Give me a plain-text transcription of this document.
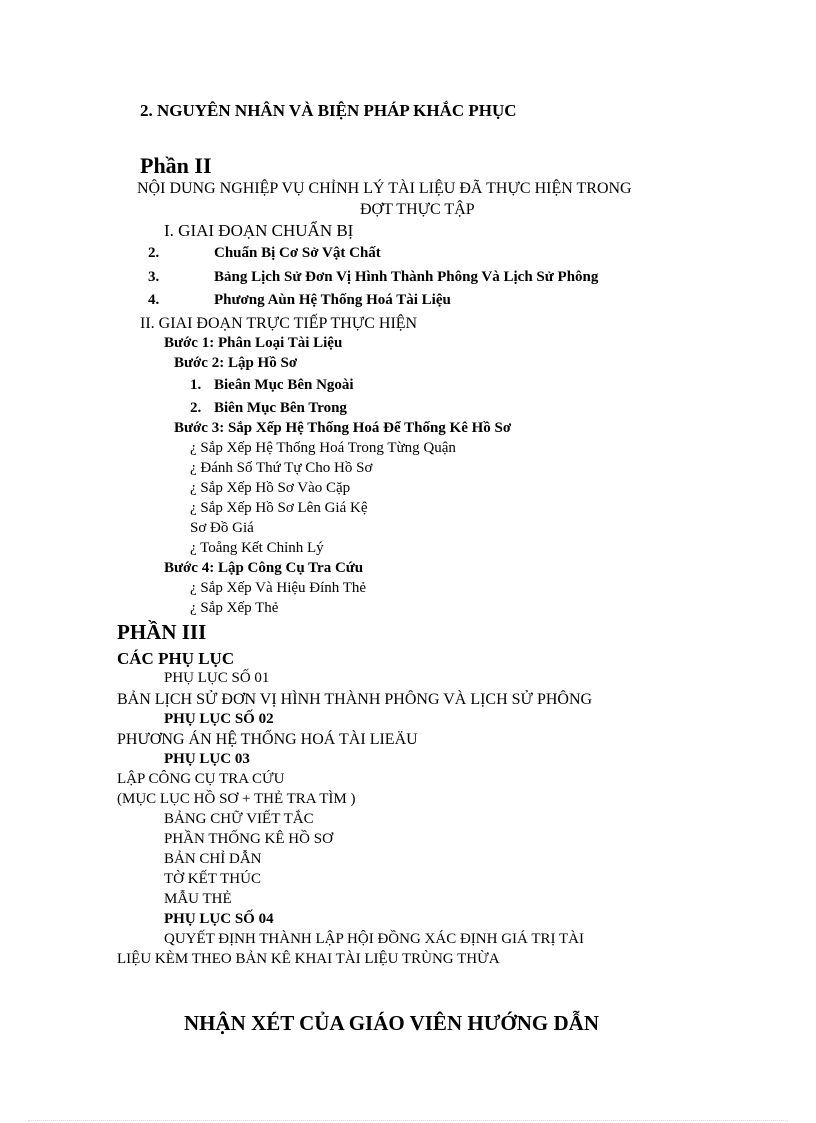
2. NGUYÊN NHÂN VÀ BIỆN PHÁP KHẮC PHỤC
Phần II
NỘI DUNG NGHIỆP VỤ CHỈNH LÝ TÀI LIỆU ĐÃ THỰC HIỆN TRONG
ĐỢT THỰC TẬP
I. GIAI ĐOẠN CHUẨN BỊ
2.	Chuẩn Bị Cơ Sở Vật Chất
3.	Bảng Lịch Sử Đơn Vị Hình Thành Phông Và Lịch Sử Phông
4.	Phương Aùn Hệ Thống Hoá Tài Liệu
II. GIAI ĐOẠN TRỰC TIẾP THỰC HIỆN
Bước 1: Phân Loại Tài Liệu
Bước 2: Lập Hồ Sơ
1. Bieân Mục Bên Ngoài
2. Biên Mục Bên Trong
Bước 3: Sắp Xếp Hệ Thống Hoá Để Thống Kê Hồ Sơ
¿ Sắp Xếp Hệ Thống Hoá Trong Từng Quận
¿ Đánh Số Thứ Tự Cho Hồ Sơ
¿ Sắp Xếp Hồ Sơ Vào Cặp
¿ Sắp Xếp Hồ Sơ Lên Giá Kệ
Sơ Đồ Giá
¿ Toång Kết Chỉnh Lý
Bước 4: Lập Công Cụ Tra Cứu
¿ Sắp Xếp Và Hiệu Đính Thẻ
¿ Sắp Xếp Thẻ
PHẦN III
CÁC PHỤ LỤC
PHỤ LỤC SỐ 01
BẢN LỊCH SỬ ĐƠN VỊ HÌNH THÀNH PHÔNG VÀ LỊCH SỬ PHÔNG
PHỤ LỤC SỐ 02
PHƯƠNG ÁN HỆ THỐNG HOÁ TÀI LIEÄU
PHỤ LỤC 03
LẬP CÔNG CỤ TRA CỨU
(MỤC LỤC HỒ SƠ + THẺ TRA TÌM )
BẢNG CHỮ VIẾT TẮC
PHẦN THỐNG KÊ HỒ SƠ
BẢN CHỈ DẪN
TỜ KẾT THÚC
MẪU THẺ
PHỤ LỤC SỐ 04
QUYẾT ĐỊNH THÀNH LẬP HỘI ĐỒNG XÁC ĐỊNH GIÁ TRỊ TÀI
LIỆU KÈM THEO BẢN KÊ KHAI TÀI LIỆU TRÙNG THỪA
NHẬN XÉT CỦA GIÁO VIÊN HƯỚNG DẪN
